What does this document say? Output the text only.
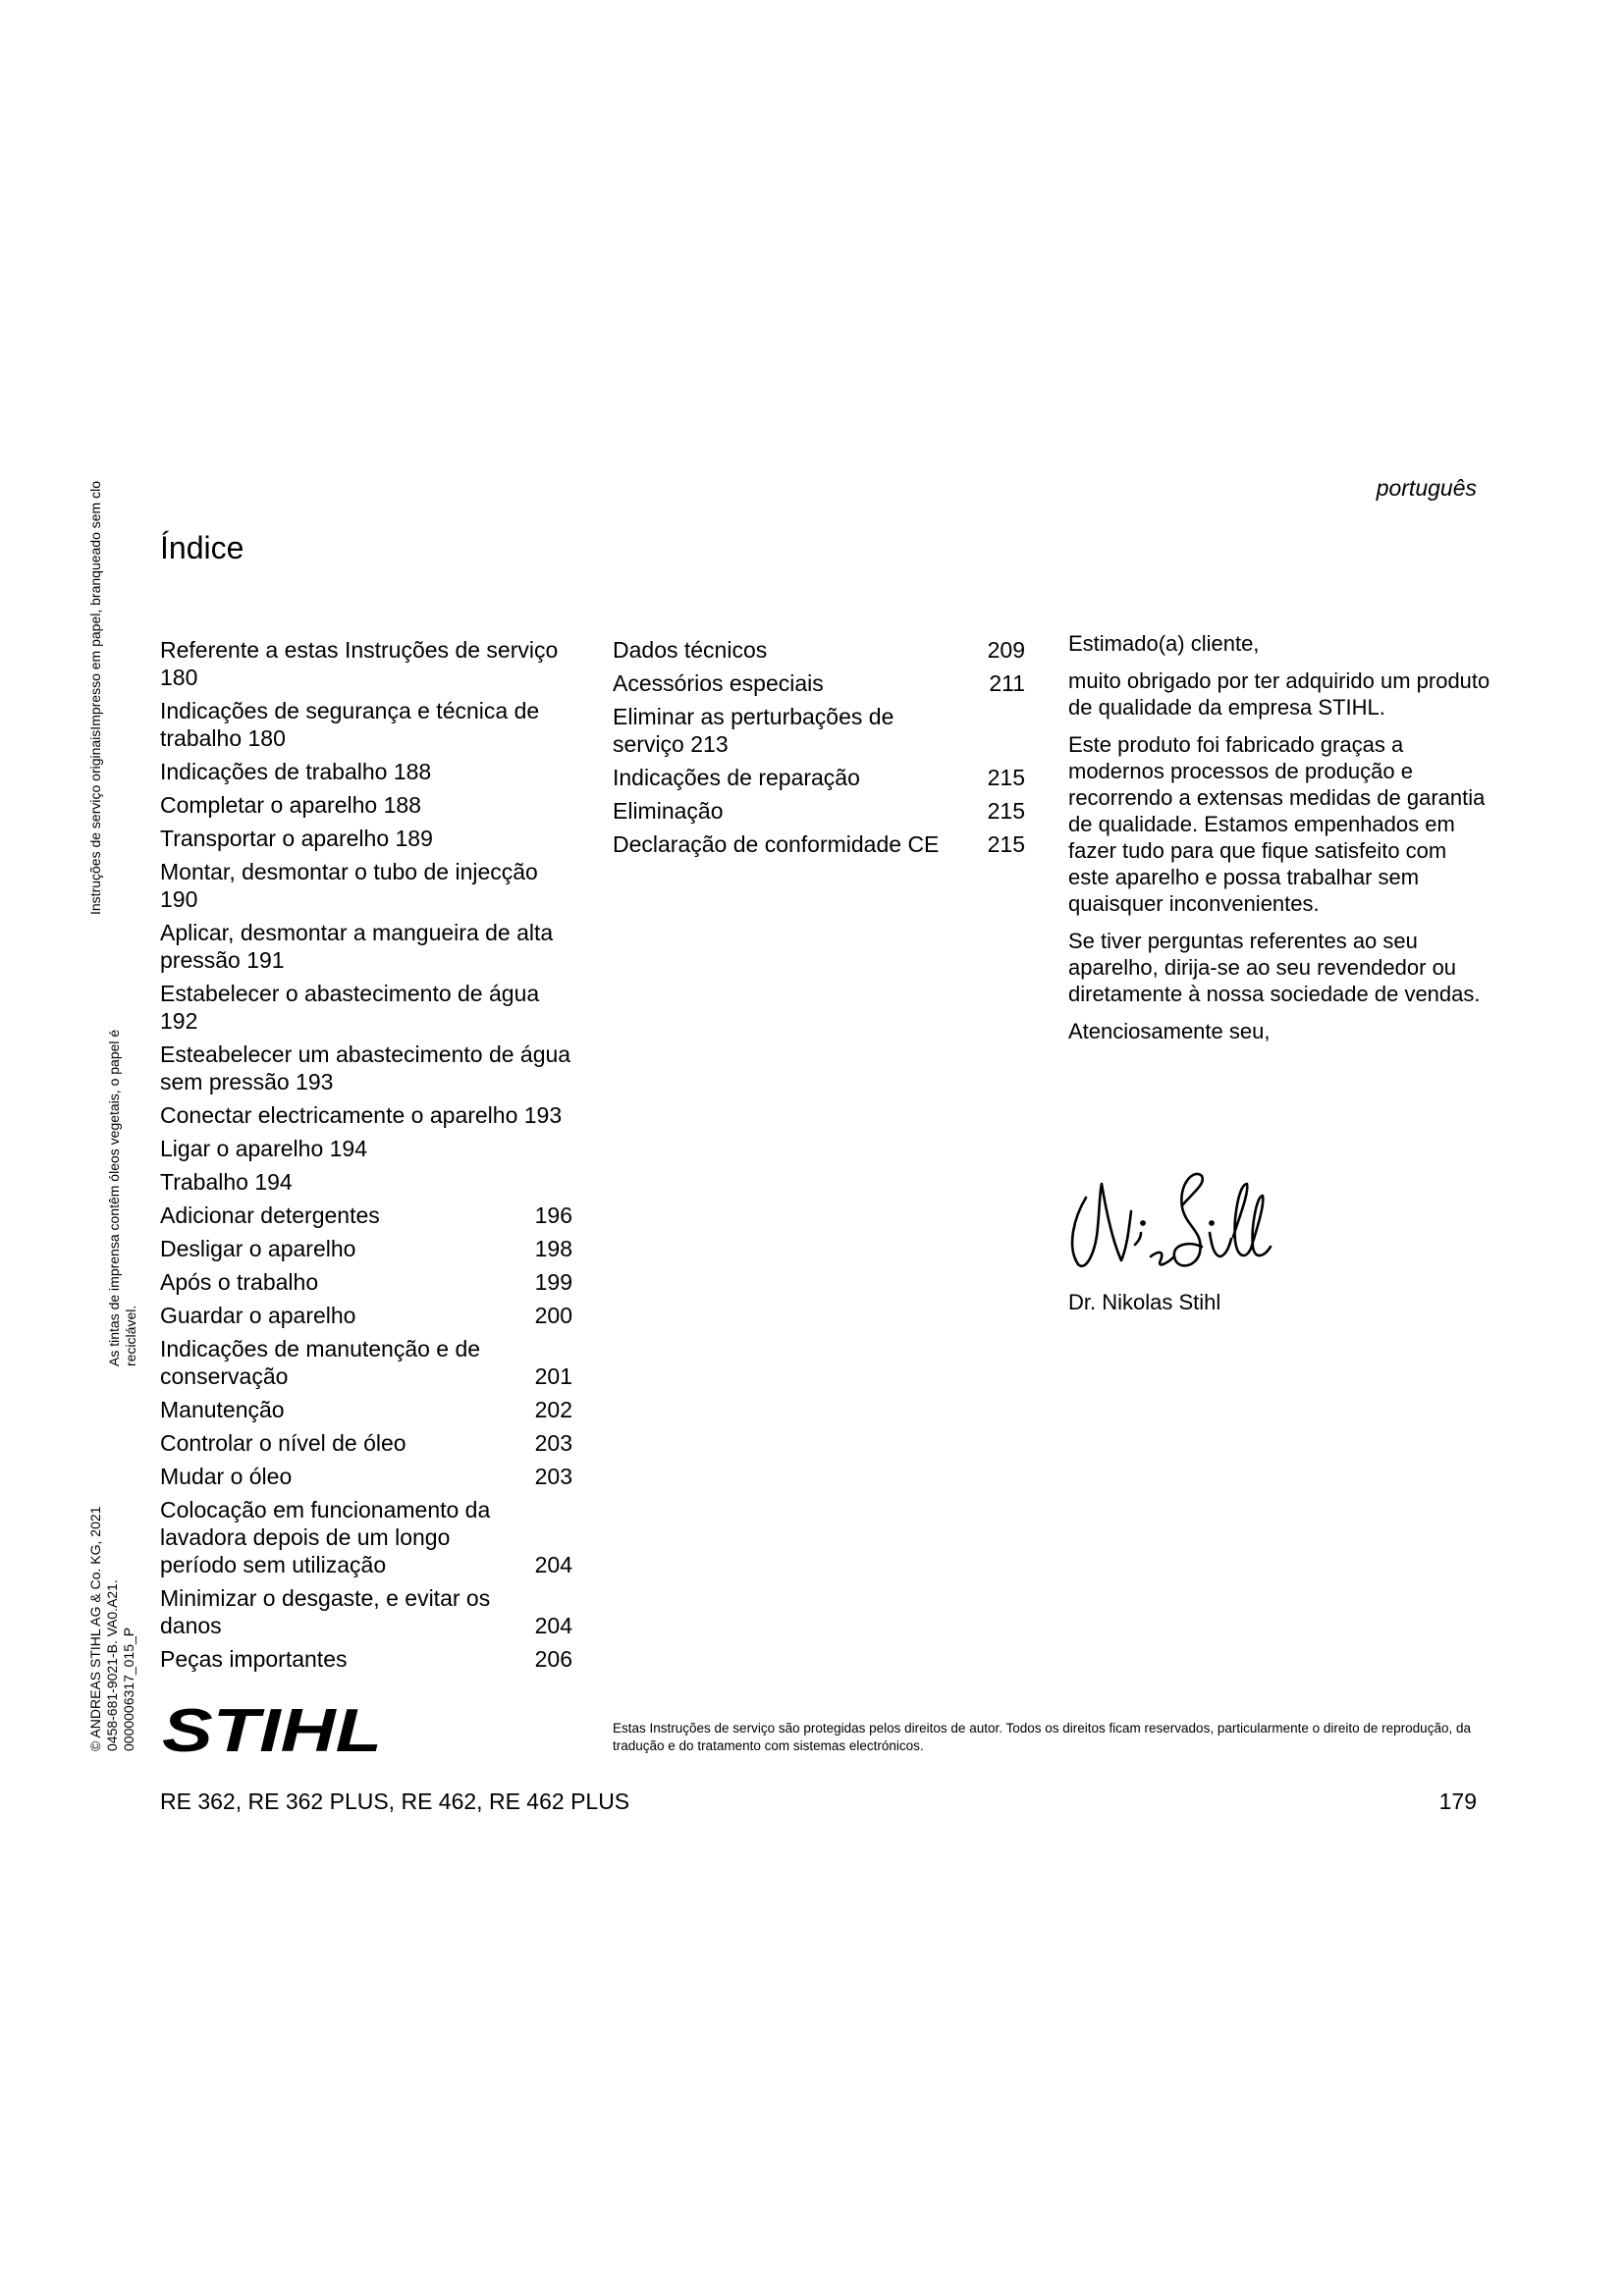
português
Índice
Referente a estas Instruções de serviço 180
Indicações de segurança e técnica de trabalho 180
Indicações de trabalho 188
Completar o aparelho 188
Transportar o aparelho 189
Montar, desmontar o tubo de injecção 190
Aplicar, desmontar a mangueira de alta pressão 191
Estabelecer o abastecimento de água 192
Esteabelecer um abastecimento de água sem pressão 193
Conectar electricamente o aparelho 193
Ligar o aparelho 194
Trabalho 194
Adicionar detergentes	196
Desligar o aparelho	198
Após o trabalho	199
Guardar o aparelho	200
Indicações de manutenção e de conservação	201
Manutenção	202
Controlar o nível de óleo	203
Mudar o óleo	203
Colocação em funcionamento da lavadora depois de um longo período sem utilização	204
Minimizar o desgaste, e evitar os danos	204
Peças importantes	206
Dados técnicos	209
Acessórios especiais	211
Eliminar as perturbações de serviço 213
Indicações de reparação	215
Eliminação	215
Declaração de conformidade CE 215

Estimado(a) cliente,

muito obrigado por ter adquirido um produto de qualidade da empresa STIHL.

Este produto foi fabricado graças a modernos processos de produção e recorrendo a extensas medidas de garantia de qualidade. Estamos empenhados em fazer tudo para que fique satisfeito com este aparelho e possa trabalhar sem quaisquer inconvenientes.

Se tiver perguntas referentes ao seu aparelho, dirija-se ao seu revendedor ou diretamente à nossa sociedade de vendas.

Atenciosamente seu,

Dr. Nikolas Stihl
Instruções de serviço originaisImpresso em papel, branqueado sem clo
As tintas de imprensa contêm óleos vegetais, o papel é reciclável.
© ANDREAS STIHL AG & Co. KG, 2021 0458-681-9021-B. VA0.A21. 0000006317_015_P STIHL	Estas Instruções de serviço são protegidas pelos direitos de autor. Todos os direitos ficam reservados, particularmente o direito de reprodução, da tradução e do tratamento com sistemas electrónicos.
RE 362, RE 362 PLUS, RE 462, RE 462 PLUS	179
